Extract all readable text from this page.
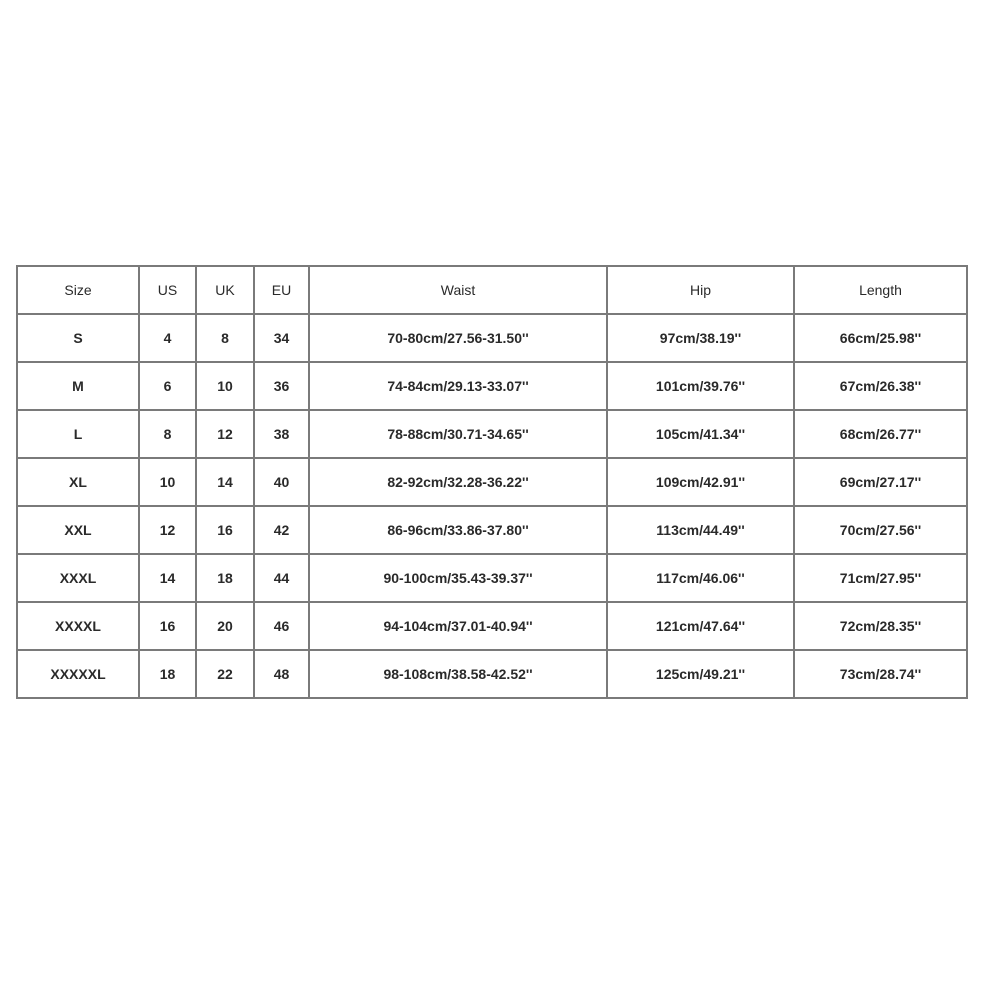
Size	US	UK	EU	Waist	Hip	Length
S	4	8	34	70-80cm/27.56-31.50''	97cm/38.19''	66cm/25.98''
M	6	10	36	74-84cm/29.13-33.07''	101cm/39.76''	67cm/26.38''
L	8	12	38	78-88cm/30.71-34.65''	105cm/41.34''	68cm/26.77''
XL	10	14	40	82-92cm/32.28-36.22''	109cm/42.91''	69cm/27.17''
XXL	12	16	42	86-96cm/33.86-37.80''	113cm/44.49''	70cm/27.56''
XXXL	14	18	44	90-100cm/35.43-39.37''	117cm/46.06''	71cm/27.95''
XXXXL	16	20	46	94-104cm/37.01-40.94''	121cm/47.64''	72cm/28.35''
XXXXXL	18	22	48	98-108cm/38.58-42.52''	125cm/49.21''	73cm/28.74''
